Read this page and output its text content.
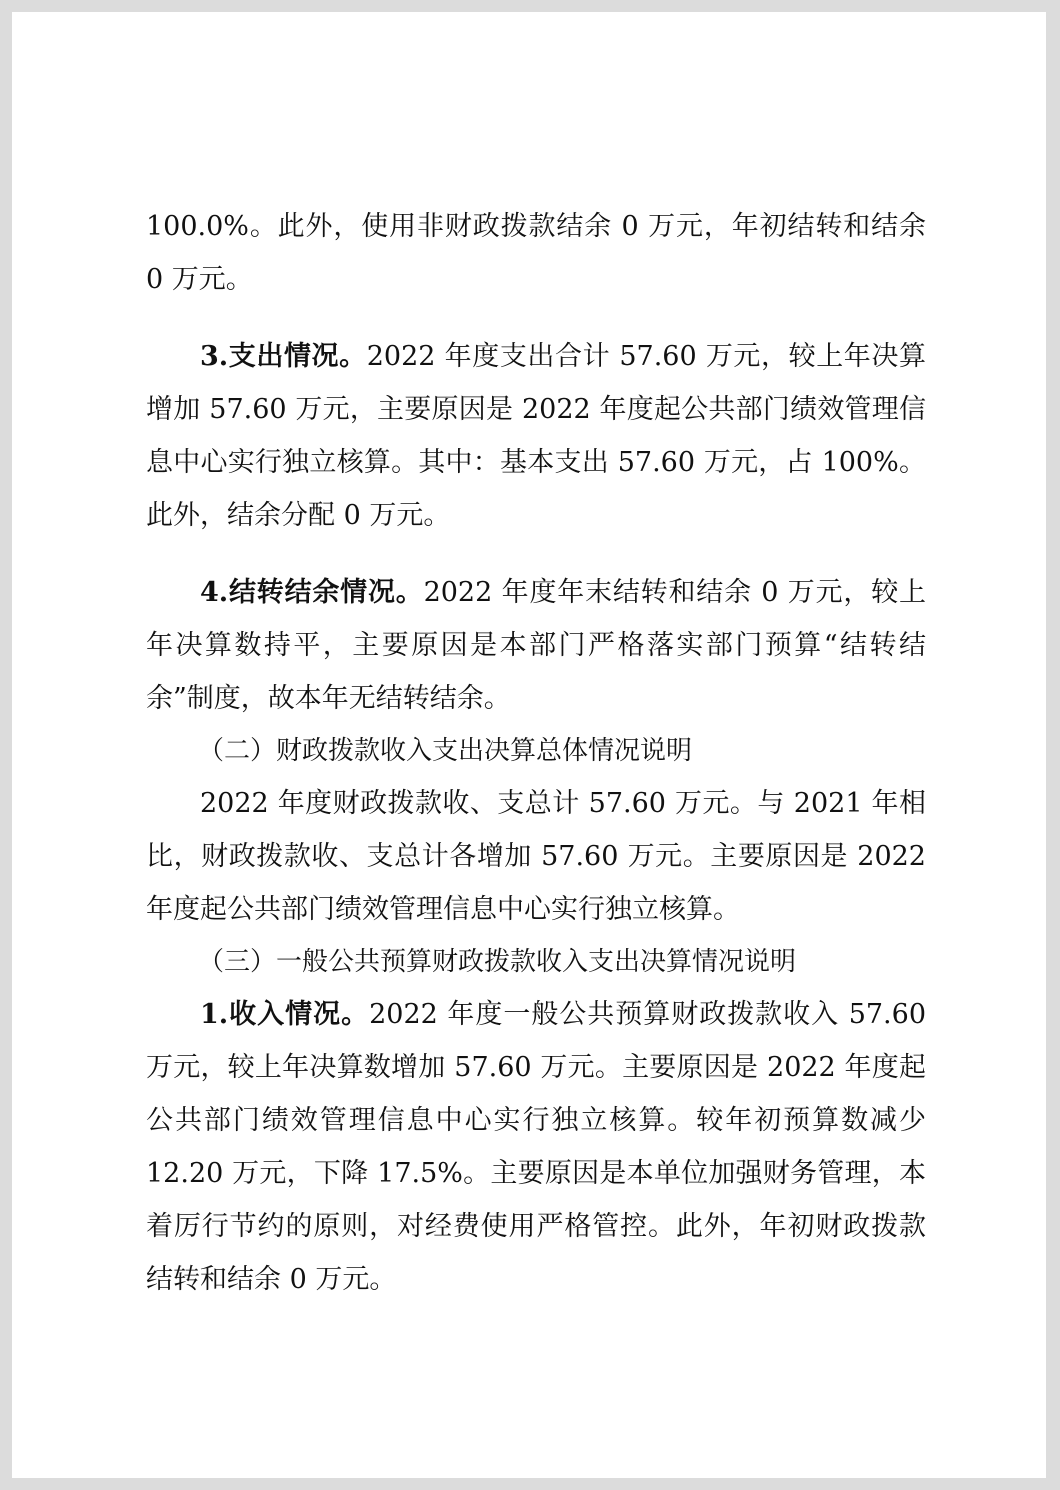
100.0%。此外，使用非财政拨款结余 0 万元，年初结转和结余 0 万元。

3.支出情况。2022 年度支出合计 57.60 万元，较上年决算增加 57.60 万元，主要原因是 2022 年度起公共部门绩效管理信息中心实行独立核算。其中：基本支出 57.60 万元，占 100%。此外，结余分配 0 万元。

4.结转结余情况。2022 年度年末结转和结余 0 万元，较上年决算数持平，主要原因是本部门严格落实部门预算“结转结余”制度，故本年无结转结余。

（二）财政拨款收入支出决算总体情况说明

2022 年度财政拨款收、支总计 57.60 万元。与 2021 年相比，财政拨款收、支总计各增加 57.60 万元。主要原因是 2022 年度起公共部门绩效管理信息中心实行独立核算。

（三）一般公共预算财政拨款收入支出决算情况说明

1.收入情况。2022 年度一般公共预算财政拨款收入 57.60 万元，较上年决算数增加 57.60 万元。主要原因是 2022 年度起公共部门绩效管理信息中心实行独立核算。较年初预算数减少 12.20 万元，下降 17.5%。主要原因是本单位加强财务管理，本着厉行节约的原则，对经费使用严格管控。此外，年初财政拨款结转和结余 0 万元。
